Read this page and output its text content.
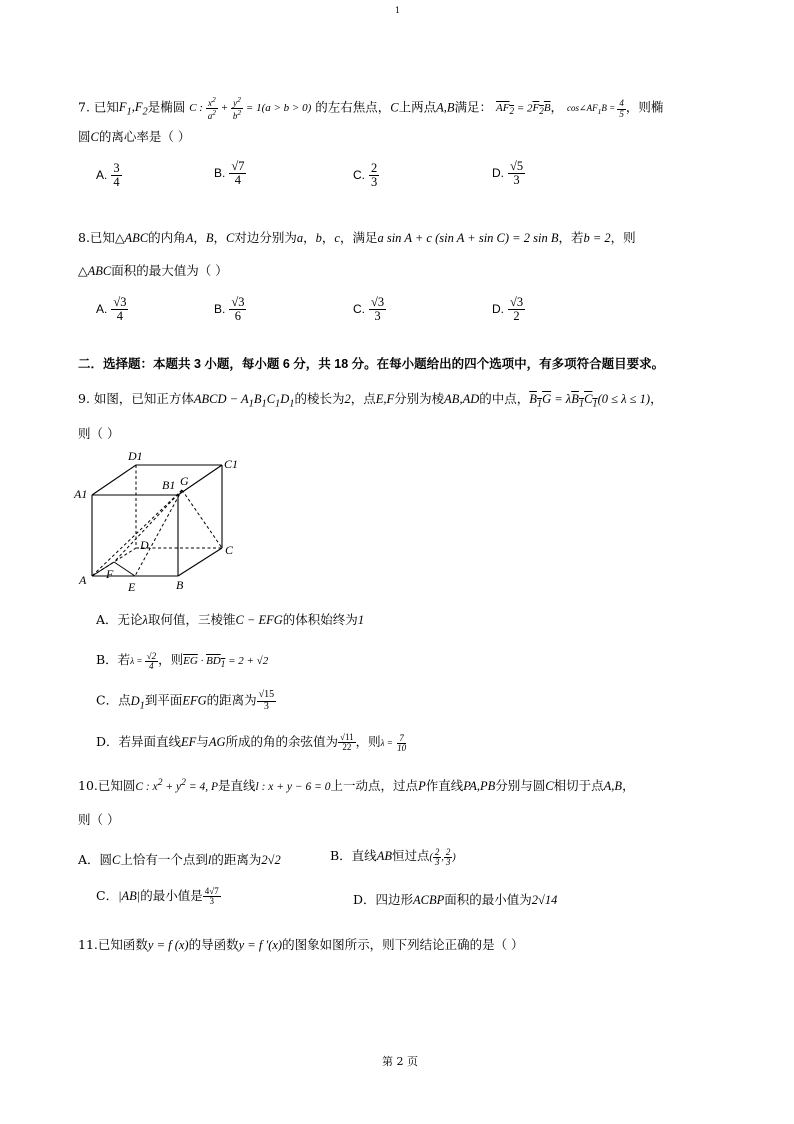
1
7. 已知$F_1,F_2$是椭圆 C : $\frac{x^2}{a^2} + \frac{y^2}{b^2} = 1(a > b > 0)$ 的左右焦点，C上两点A,B满足： $AF_2 = 2F_2B$， $\cos\angle AF_1B = \frac{4}{5}$ ，则椭
圆C的离心率是（ ）
A. $\frac{3}{4}$	B. $\frac{√7}{4}$	C. $\frac{2}{3}$	D. $\frac{√5}{3}$
8.已知△ABC的内角A，B，C对边分别为a，b，c，满足a sin A + c (sin A + sin C) = 2 sin B，若b = 2，则
△ABC面积的最大值为（ ）
A. $\frac{√3}{4}$	B. $\frac{√3}{6}$	C. $\frac{√3}{3}$	D. $\frac{√3}{2}$
二．选择题：本题共 3 小题，每小题 6 分，共 18 分。在每小题给出的四个选项中，有多项符合题目要求。
9. 如图，已知正方体ABCD − $A_1B_1C_1D_1$的棱长为2，点E,F分别为棱AB,AD的中点，$B_1G = \lambda B_1C_1(0 \le \lambda \le 1)$，
则（ ）
D1
C1
A1
B1 G
D	C
A F
E	B
A．无论λ取何值，三棱锥C − EFG的体积始终为1
B．若$\lambda = \frac{√2}{4}$ ，则$\overline{EG} \cdot BD_1 = 2 + √2$
C．点$D_1$到平面EFG的距离为 $\frac{√15}{3}$
D．若异面直线EF与AG所成的角的余弦值为 $\frac{√11}{22}$ ，则$\lambda = \frac{7}{10}$
10.已知圆C : $x^2 + y^2 = 4$, P是直线l : x + y − 6 = 0上一动点，过点P作直线PA,PB分别与圆C相切于点A,B，
则（ ）
A．圆C上恰有一个点到l的距离为2√2	B．直线AB恒过点( $\frac{2}{3}$ , $\frac{2}{3}$ )
C．|AB|的最小值是 $\frac{4√7}{3}$	D．四边形ACBP面积的最小值为2√14
11.已知函数y = f (x)的导函数y = f ′(x)的图象如图所示，则下列结论正确的是（ ）
第 2 页
